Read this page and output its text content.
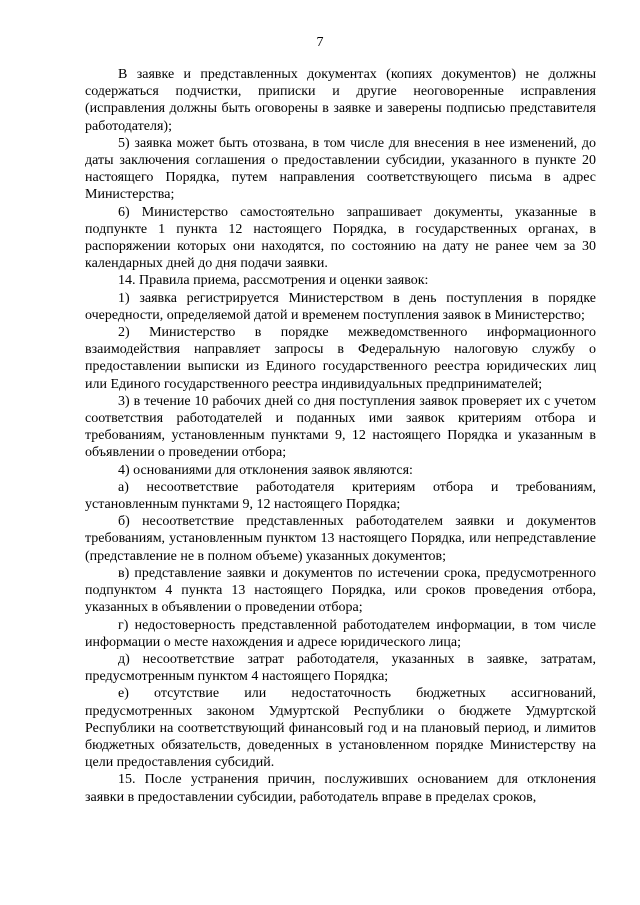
7

В заявке и представленных документах (копиях документов) не должны содержаться подчистки, приписки и другие неоговоренные исправления (исправления должны быть оговорены в заявке и заверены подписью представителя работодателя);

5) заявка может быть отозвана, в том числе для внесения в нее изменений, до даты заключения соглашения о предоставлении субсидии, указанного в пункте 20 настоящего Порядка, путем направления соответствующего письма в адрес Министерства;

6) Министерство самостоятельно запрашивает документы, указанные в подпункте 1 пункта 12 настоящего Порядка, в государственных органах, в распоряжении которых они находятся, по состоянию на дату не ранее чем за 30 календарных дней до дня подачи заявки.

14. Правила приема, рассмотрения и оценки заявок:

1) заявка регистрируется Министерством в день поступления в порядке очередности, определяемой датой и временем поступления заявок в Министерство;

2) Министерство в порядке межведомственного информационного взаимодействия направляет запросы в Федеральную налоговую службу о предоставлении выписки из Единого государственного реестра юридических лиц или Единого государственного реестра индивидуальных предпринимателей;

3) в течение 10 рабочих дней со дня поступления заявок проверяет их с учетом соответствия работодателей и поданных ими заявок критериям отбора и требованиям, установленным пунктами 9, 12 настоящего Порядка и указанным в объявлении о проведении отбора;

4) основаниями для отклонения заявок являются:

а) несоответствие работодателя критериям отбора и требованиям, установленным пунктами 9, 12 настоящего Порядка;

б) несоответствие представленных работодателем заявки и документов требованиям, установленным пунктом 13 настоящего Порядка, или непредставление (представление не в полном объеме) указанных документов;

в) представление заявки и документов по истечении срока, предусмотренного подпунктом 4 пункта 13 настоящего Порядка, или сроков проведения отбора, указанных в объявлении о проведении отбора;

г) недостоверность представленной работодателем информации, в том числе информации о месте нахождения и адресе юридического лица;

д) несоответствие затрат работодателя, указанных в заявке, затратам, предусмотренным пунктом 4 настоящего Порядка;

е) отсутствие или недостаточность бюджетных ассигнований, предусмотренных законом Удмуртской Республики о бюджете Удмуртской Республики на соответствующий финансовый год и на плановый период, и лимитов бюджетных обязательств, доведенных в установленном порядке Министерству на цели предоставления субсидий.

15. После устранения причин, послуживших основанием для отклонения заявки в предоставлении субсидии, работодатель вправе в пределах сроков,
